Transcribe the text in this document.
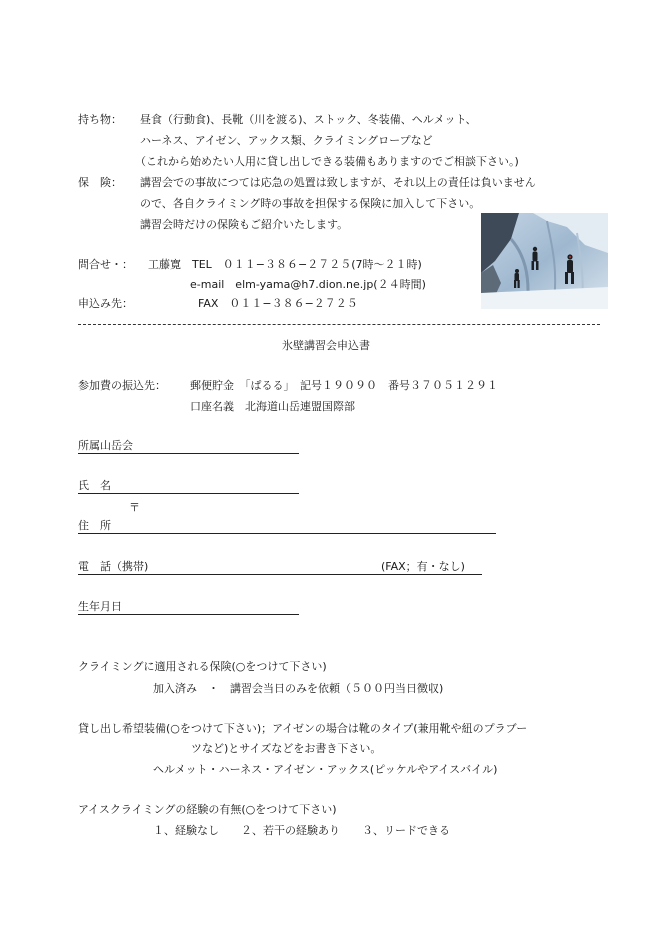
持ち物： 昼食（行動食)、長靴（川を渡る)、ストック、冬装備、ヘルメット、
ハーネス、アイゼン、アックス類、クライミングロープなど
（これから始めたい人用に貸し出しできる装備もありますのでご相談下さい。)
保　険： 講習会での事故につては応急の処置は致しますが、それ以上の責任は負いません
ので、各自クライミング時の事故を担保する保険に加入して下さい。
講習会時だけの保険もご紹介いたします。
問合せ・： 工藤寛　TEL　０１１−３８６−２７２５(7時〜２１時)
e-mail　elm-yama@h7.dion.ne.jp(２４時間)
申込み先：	FAX　０１１−３８６−２７２５
氷壁講習会申込書
参加費の振込先： 郵便貯金　「ぱるる」　記号１９０９０　番号３７０５１２９１
口座名義　北海道山岳連盟国際部
所属山岳会
氏　名
〒
住　所
電　話（携帯)	(FAX；有・なし)
生年月日
クライミングに適用される保険(○をつけて下さい)
加入済み　・　講習会当日のみを依頼（５００円当日徴収)
貸し出し希望装備(○をつけて下さい)；アイゼンの場合は靴のタイプ(兼用靴や紐のプラブー
ツなど)とサイズなどをお書き下さい。
ヘルメット・ハーネス・アイゼン・アックス(ピッケルやアイスバイル)
アイスクライミングの経験の有無(○をつけて下さい)
１、経験なし　　２、若干の経験あり　　３、リードできる
